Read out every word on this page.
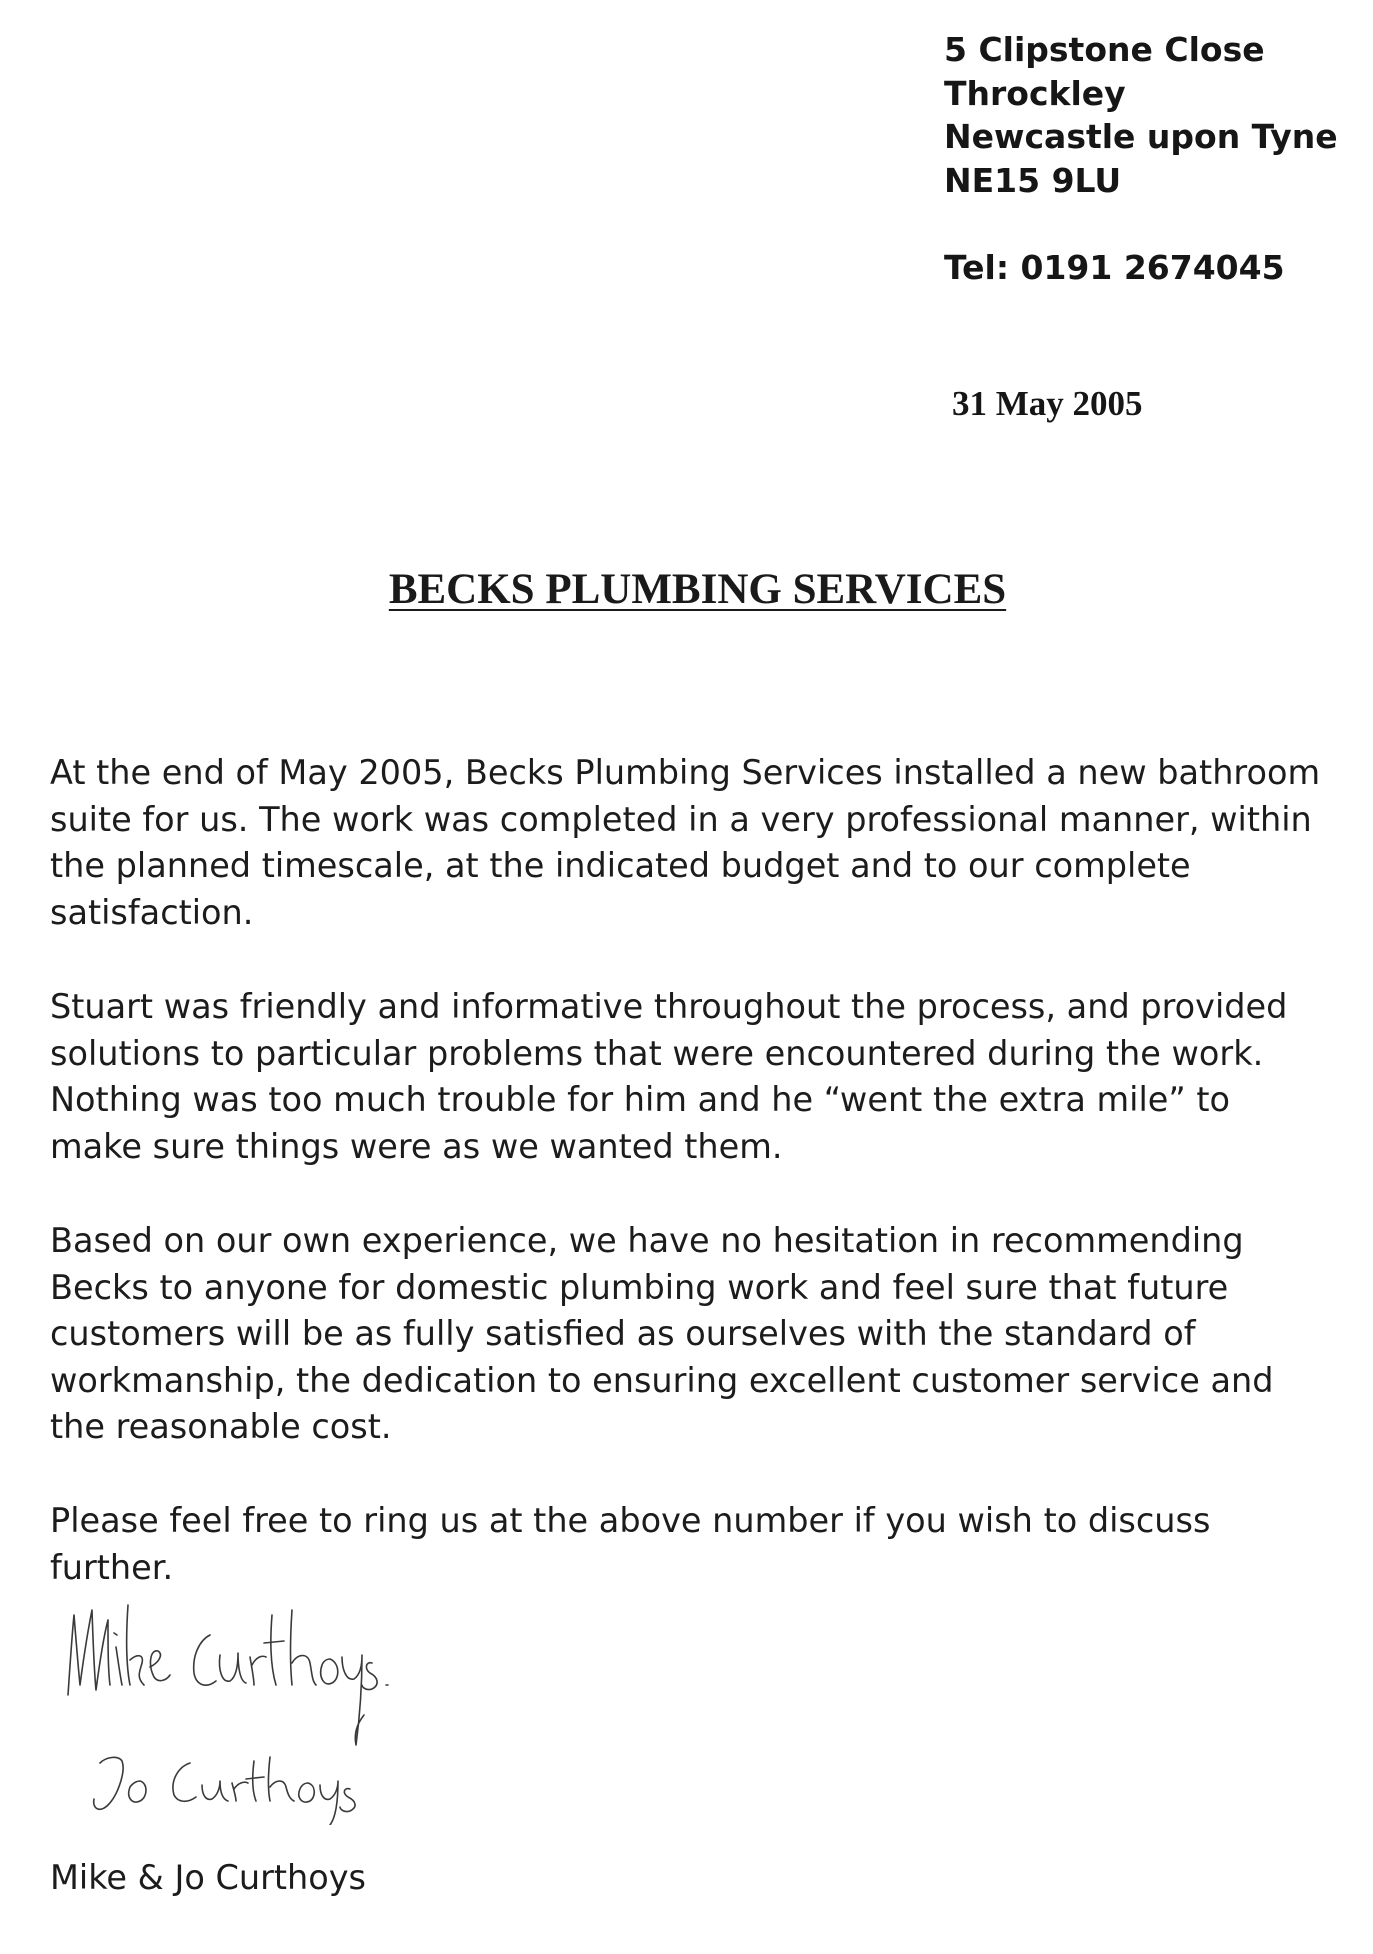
5 Clipstone Close
Throckley
Newcastle upon Tyne
NE15 9LU
Tel: 0191 2674045
31 May 2005
BECKS PLUMBING SERVICES
At the end of May 2005, Becks Plumbing Services installed a new bathroom
suite for us. The work was completed in a very professional manner, within
the planned timescale, at the indicated budget and to our complete
satisfaction.
Stuart was friendly and informative throughout the process, and provided
solutions to particular problems that were encountered during the work.
Nothing was too much trouble for him and he “went the extra mile” to
make sure things were as we wanted them.
Based on our own experience, we have no hesitation in recommending
Becks to anyone for domestic plumbing work and feel sure that future
customers will be as fully satisfied as ourselves with the standard of
workmanship, the dedication to ensuring excellent customer service and
the reasonable cost.
Please feel free to ring us at the above number if you wish to discuss
further.
Mike & Jo Curthoys
